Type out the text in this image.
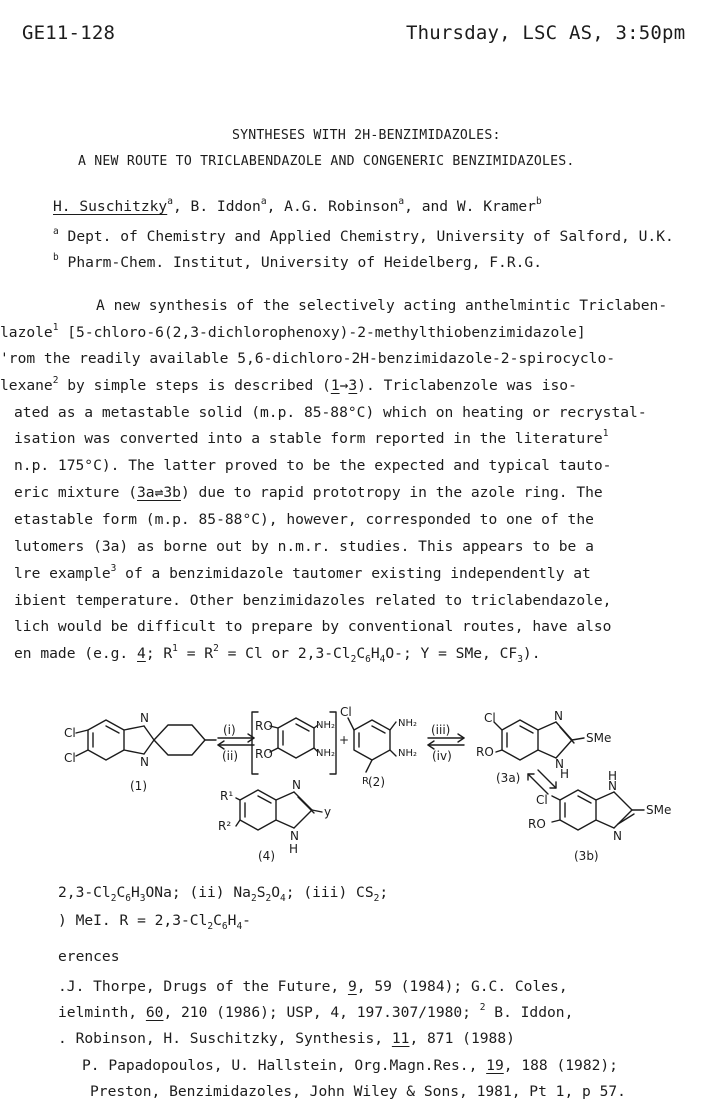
GE11-128	Thursday, LSC AS, 3:50pm
SYNTHESES WITH 2H-BENZIMIDAZOLES:
A NEW ROUTE TO TRICLABENDAZOLE AND CONGENERIC BENZIMIDAZOLES.
H. Suschitzky$^a$, B. Iddon$^a$, A.G. Robinson$^a$, and W. Kramer$^b$
$^a$ Dept. of Chemistry and Applied Chemistry, University of Salford, U.K.
$^b$ Pharm-Chem. Institut, University of Heidelberg, F.R.G.
A new synthesis of the selectively acting anthelmintic Triclaben-
lazole$^1$ [5-chloro-6(2,3-dichlorophenoxy)-2-methylthiobenzimidazole]
'rom the readily available 5,6-dichloro-2H-benzimidazole-2-spirocyclo-
lexane$^2$ by simple steps is described (1→3). Triclabenzole was iso-
ated as a metastable solid (m.p. 85-88°C) which on heating or recrystal-
isation was converted into a stable form reported in the literature$^1$
n.p. 175°C). The latter proved to be the expected and typical tauto-
eric mixture (3a⇌3b) due to rapid prototropy in the azole ring. The
etastable form (m.p. 85-88°C), however, corresponded to one of the
lutomers (3a) as borne out by n.m.r. studies. This appears to be a
lre example$^3$ of a benzimidazole tautomer existing independently at
ibient temperature. Other benzimidazoles related to triclabendazole,
lich would be difficult to prepare by conventional routes, have also
en made (e.g. 4; $R^1 = R^2 = Cl$ or $2,3-Cl_2C_6H_4O-$; Y = SMe, $CF_3$).
Cl
Cl
N
N
(1)
(i)
(ii)
RO
RO
NH₂
NH₂
+
Cl
NH₂
NH₂
R (2)
(iii)
(iv)
Cl
RO
N
N
H
SMe
(3a)	H
N
N
SMe
Cl
RO
(3b)
R¹
R²
N
N
H
y
(4)
$2,3-Cl_2C_6H_3ONa$; (ii) $Na_2S_2O_4$; (iii) $CS_2$;
) MeI. $R = 2,3-Cl_2C_6H_4-$
erences
.J. Thorpe, Drugs of the Future, 9, 59 (1984); G.C. Coles,
ielminth, 60, 210 (1986); USP, 4, 197.307/1980; $^2$ B. Iddon,
. Robinson, H. Suschitzky, Synthesis, 11, 871 (1988)
P. Papadopoulos, U. Hallstein, Org.Magn.Res., 19, 188 (1982);
Preston, Benzimidazoles, John Wiley & Sons, 1981, Pt 1, p 57.
